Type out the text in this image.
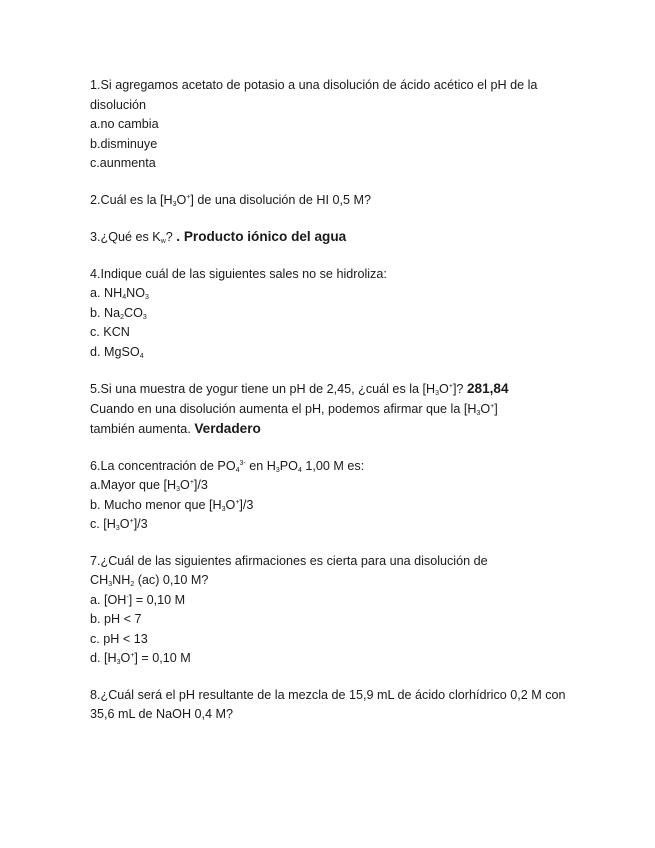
1.Si agregamos acetato de potasio a una disolución de ácido acético el pH de la disolución
a.no cambia
b.disminuye
c.aunmenta
2.Cuál es la $[H_3O^+]$ de una disolución de HI 0,5 M?
3.¿Qué es $K_w$? . Producto iónico del agua
4.Indique cuál de las siguientes sales no se hidroliza:
a. $NH_4NO_3$
b. $Na_2CO_3$
c. KCN
d. MgSO$_4$
5.Si una muestra de yogur tiene un pH de 2,45, ¿cuál es la $[H_3O^+]$? 281,84
Cuando en una disolución aumenta el pH, podemos afirmar que la $[H_3O^+]$
también aumenta. Verdadero
6.La concentración de $PO_4^{3-}$ en $H_3PO_4$ 1,00 M es:
a.Mayor que $[H_3O^+]/3$
b. Mucho menor que $[H_3O^+]/3$
c. $[H_3O^+]/3$
7.¿Cuál de las siguientes afirmaciones es cierta para una disolución de
$CH_3NH_2$ (ac) 0,10 M?
a. [OH-] = 0,10 M
b. pH < 7
c. pH < 13
d. $[H_3O^+] = 0,10$ M
8.¿Cuál será el pH resultante de la mezcla de 15,9 mL de ácido clorhídrico 0,2 M con 35,6 mL de NaOH 0,4 M?
